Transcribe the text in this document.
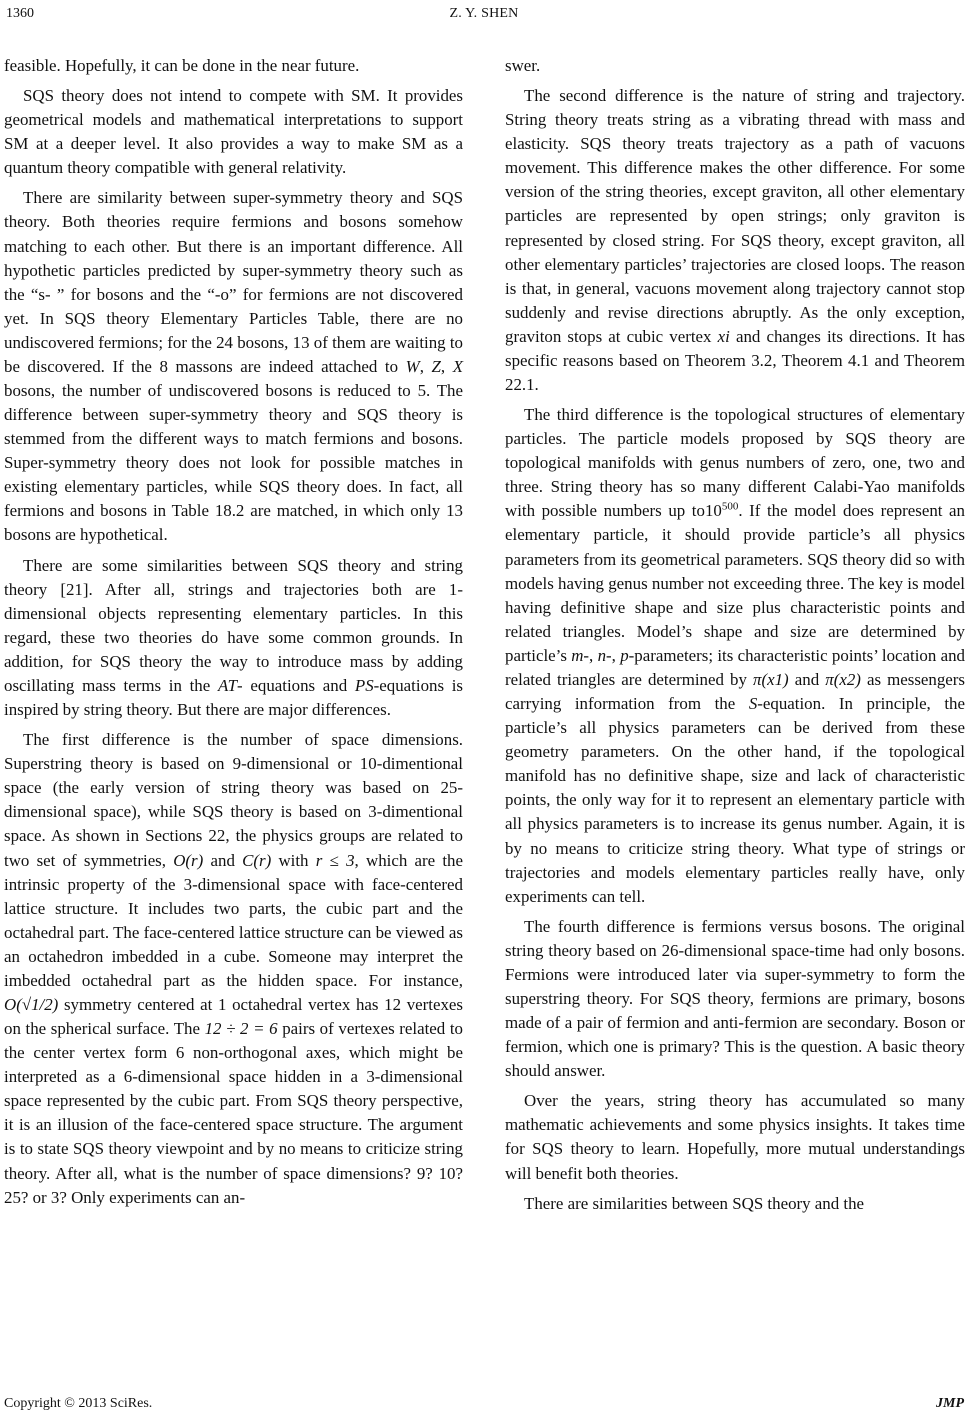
1360	Z. Y. SHEN

feasible. Hopefully, it can be done in the near future.

SQS theory does not intend to compete with SM. It provides geometrical models and mathematical interpretations to support SM at a deeper level. It also provides a way to make SM as a quantum theory compatible with general relativity.

There are similarity between super-symmetry theory and SQS theory. Both theories require fermions and bosons somehow matching to each other. But there is an important difference. All hypothetic particles predicted by super-symmetry theory such as the “s- ” for bosons and the “-o” for fermions are not discovered yet. In SQS theory Elementary Particles Table, there are no undiscovered fermions; for the 24 bosons, 13 of them are waiting to be discovered. If the 8 massons are indeed attached to W, Z, X bosons, the number of undiscovered bosons is reduced to 5. The difference between super-symmetry theory and SQS theory is stemmed from the different ways to match fermions and bosons. Super-symmetry theory does not look for possible matches in existing elementary particles, while SQS theory does. In fact, all fermions and bosons in Table 18.2 are matched, in which only 13 bosons are hypothetical.

There are some similarities between SQS theory and string theory [21]. After all, strings and trajectories both are 1-dimensional objects representing elementary particles. In this regard, these two theories do have some common grounds. In addition, for SQS theory the way to introduce mass by adding oscillating mass terms in the AT- equations and PS-equations is inspired by string theory. But there are major differences.

The first difference is the number of space dimensions. Superstring theory is based on 9-dimensional or 10-dimentional space (the early version of string theory was based on 25-dimensional space), while SQS theory is based on 3-dimentional space. As shown in Sections 22, the physics groups are related to two set of symmetries, O(r) and C(r) with r ≤ 3, which are the intrinsic property of the 3-dimensional space with face-centered lattice structure. It includes two parts, the cubic part and the octahedral part. The face-centered lattice structure can be viewed as an octahedron imbedded in a cube. Someone may interpret the imbedded octahedral part as the hidden space. For instance, O(√1/2) symmetry centered at 1 octahedral vertex has 12 vertexes on the spherical surface. The 12 ÷ 2 = 6 pairs of vertexes related to the center vertex form 6 non-orthogonal axes, which might be interpreted as a 6-dimensional space hidden in a 3-dimensional space represented by the cubic part. From SQS theory perspective, it is an illusion of the face-centered space structure. The argument is to state SQS theory viewpoint and by no means to criticize string theory. After all, what is the number of space dimensions? 9? 10? 25? or 3? Only experiments can an-

swer.

The second difference is the nature of string and trajectory. String theory treats string as a vibrating thread with mass and elasticity. SQS theory treats trajectory as a path of vacuons movement. This difference makes the other difference. For some version of the string theories, except graviton, all other elementary particles are represented by open strings; only graviton is represented by closed string. For SQS theory, except graviton, all other elementary particles’ trajectories are closed loops. The reason is that, in general, vacuons movement along trajectory cannot stop suddenly and revise directions abruptly. As the only exception, graviton stops at cubic vertex xi and changes its directions. It has specific reasons based on Theorem 3.2, Theorem 4.1 and Theorem 22.1.

The third difference is the topological structures of elementary particles. The particle models proposed by SQS theory are topological manifolds with genus numbers of zero, one, two and three. String theory has so many different Calabi-Yao manifolds with possible numbers up $to10^{500}$. If the model does represent an elementary particle, it should provide particle’s all physics parameters from its geometrical parameters. SQS theory did so with models having genus number not exceeding three. The key is model having definitive shape and size plus characteristic points and related triangles. Model’s shape and size are determined by particle’s m-, n-, p-parameters; its characteristic points’ location and related triangles are determined by π(x1) and π(x2) as messengers carrying information from the S-equation. In principle, the particle’s all physics parameters can be derived from these geometry parameters. On the other hand, if the topological manifold has no definitive shape, size and lack of characteristic points, the only way for it to represent an elementary particle with all physics parameters is to increase its genus number. Again, it is by no means to criticize string theory. What type of strings or trajectories and models elementary particles really have, only experiments can tell.

The fourth difference is fermions versus bosons. The original string theory based on 26-dimensional space-time had only bosons. Fermions were introduced later via super-symmetry to form the superstring theory. For SQS theory, fermions are primary, bosons made of a pair of fermion and anti-fermion are secondary. Boson or fermion, which one is primary? This is the question. A basic theory should answer.

Over the years, string theory has accumulated so many mathematic achievements and some physics insights. It takes time for SQS theory to learn. Hopefully, more mutual understandings will benefit both theories.

There are similarities between SQS theory and the

Copyright © 2013 SciRes.	JMP
